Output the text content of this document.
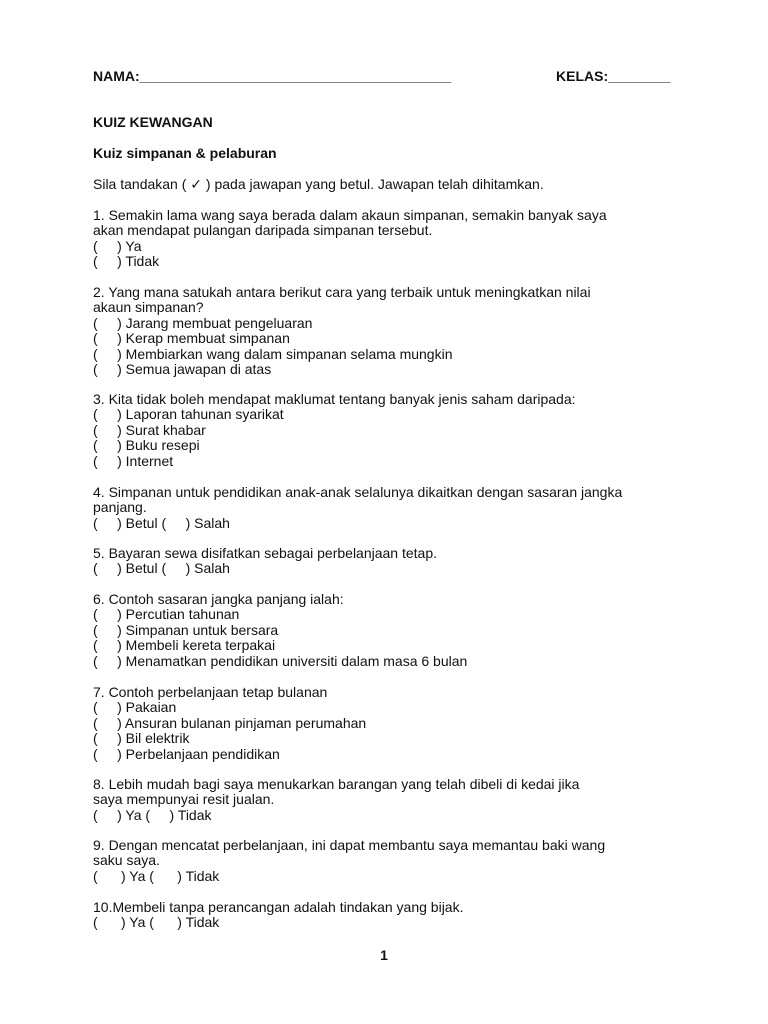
NAMA:________________________________________	KELAS:________
KUIZ KEWANGAN
Kuiz simpanan & pelaburan
Sila tandakan ( ✓ ) pada jawapan yang betul. Jawapan telah dihitamkan.

1. Semakin lama wang saya berada dalam akaun simpanan, semakin banyak saya

akan mendapat pulangan daripada simpanan tersebut.

(     ) Ya

(     ) Tidak

2. Yang mana satukah antara berikut cara yang terbaik untuk meningkatkan nilai

akaun simpanan?

(     ) Jarang membuat pengeluaran

(     ) Kerap membuat simpanan

(     ) Membiarkan wang dalam simpanan selama mungkin

(     ) Semua jawapan di atas

3. Kita tidak boleh mendapat maklumat tentang banyak jenis saham daripada:

(     ) Laporan tahunan syarikat

(     ) Surat khabar

(     ) Buku resepi

(     ) Internet

4. Simpanan untuk pendidikan anak-anak selalunya dikaitkan dengan sasaran jangka

panjang.

(     ) Betul (     ) Salah

5. Bayaran sewa disifatkan sebagai perbelanjaan tetap.

(     ) Betul (     ) Salah

6. Contoh sasaran jangka panjang ialah:

(     ) Percutian tahunan

(     ) Simpanan untuk bersara

(     ) Membeli kereta terpakai

(     ) Menamatkan pendidikan universiti dalam masa 6 bulan

7. Contoh perbelanjaan tetap bulanan

(     ) Pakaian

(     ) Ansuran bulanan pinjaman perumahan

(     ) Bil elektrik

(     ) Perbelanjaan pendidikan

8. Lebih mudah bagi saya menukarkan barangan yang telah dibeli di kedai jika

saya mempunyai resit jualan.

(     ) Ya (     ) Tidak

9. Dengan mencatat perbelanjaan, ini dapat membantu saya memantau baki wang

saku saya.

(      ) Ya (      ) Tidak

10.Membeli tanpa perancangan adalah tindakan yang bijak.

(      ) Ya (      ) Tidak

1
